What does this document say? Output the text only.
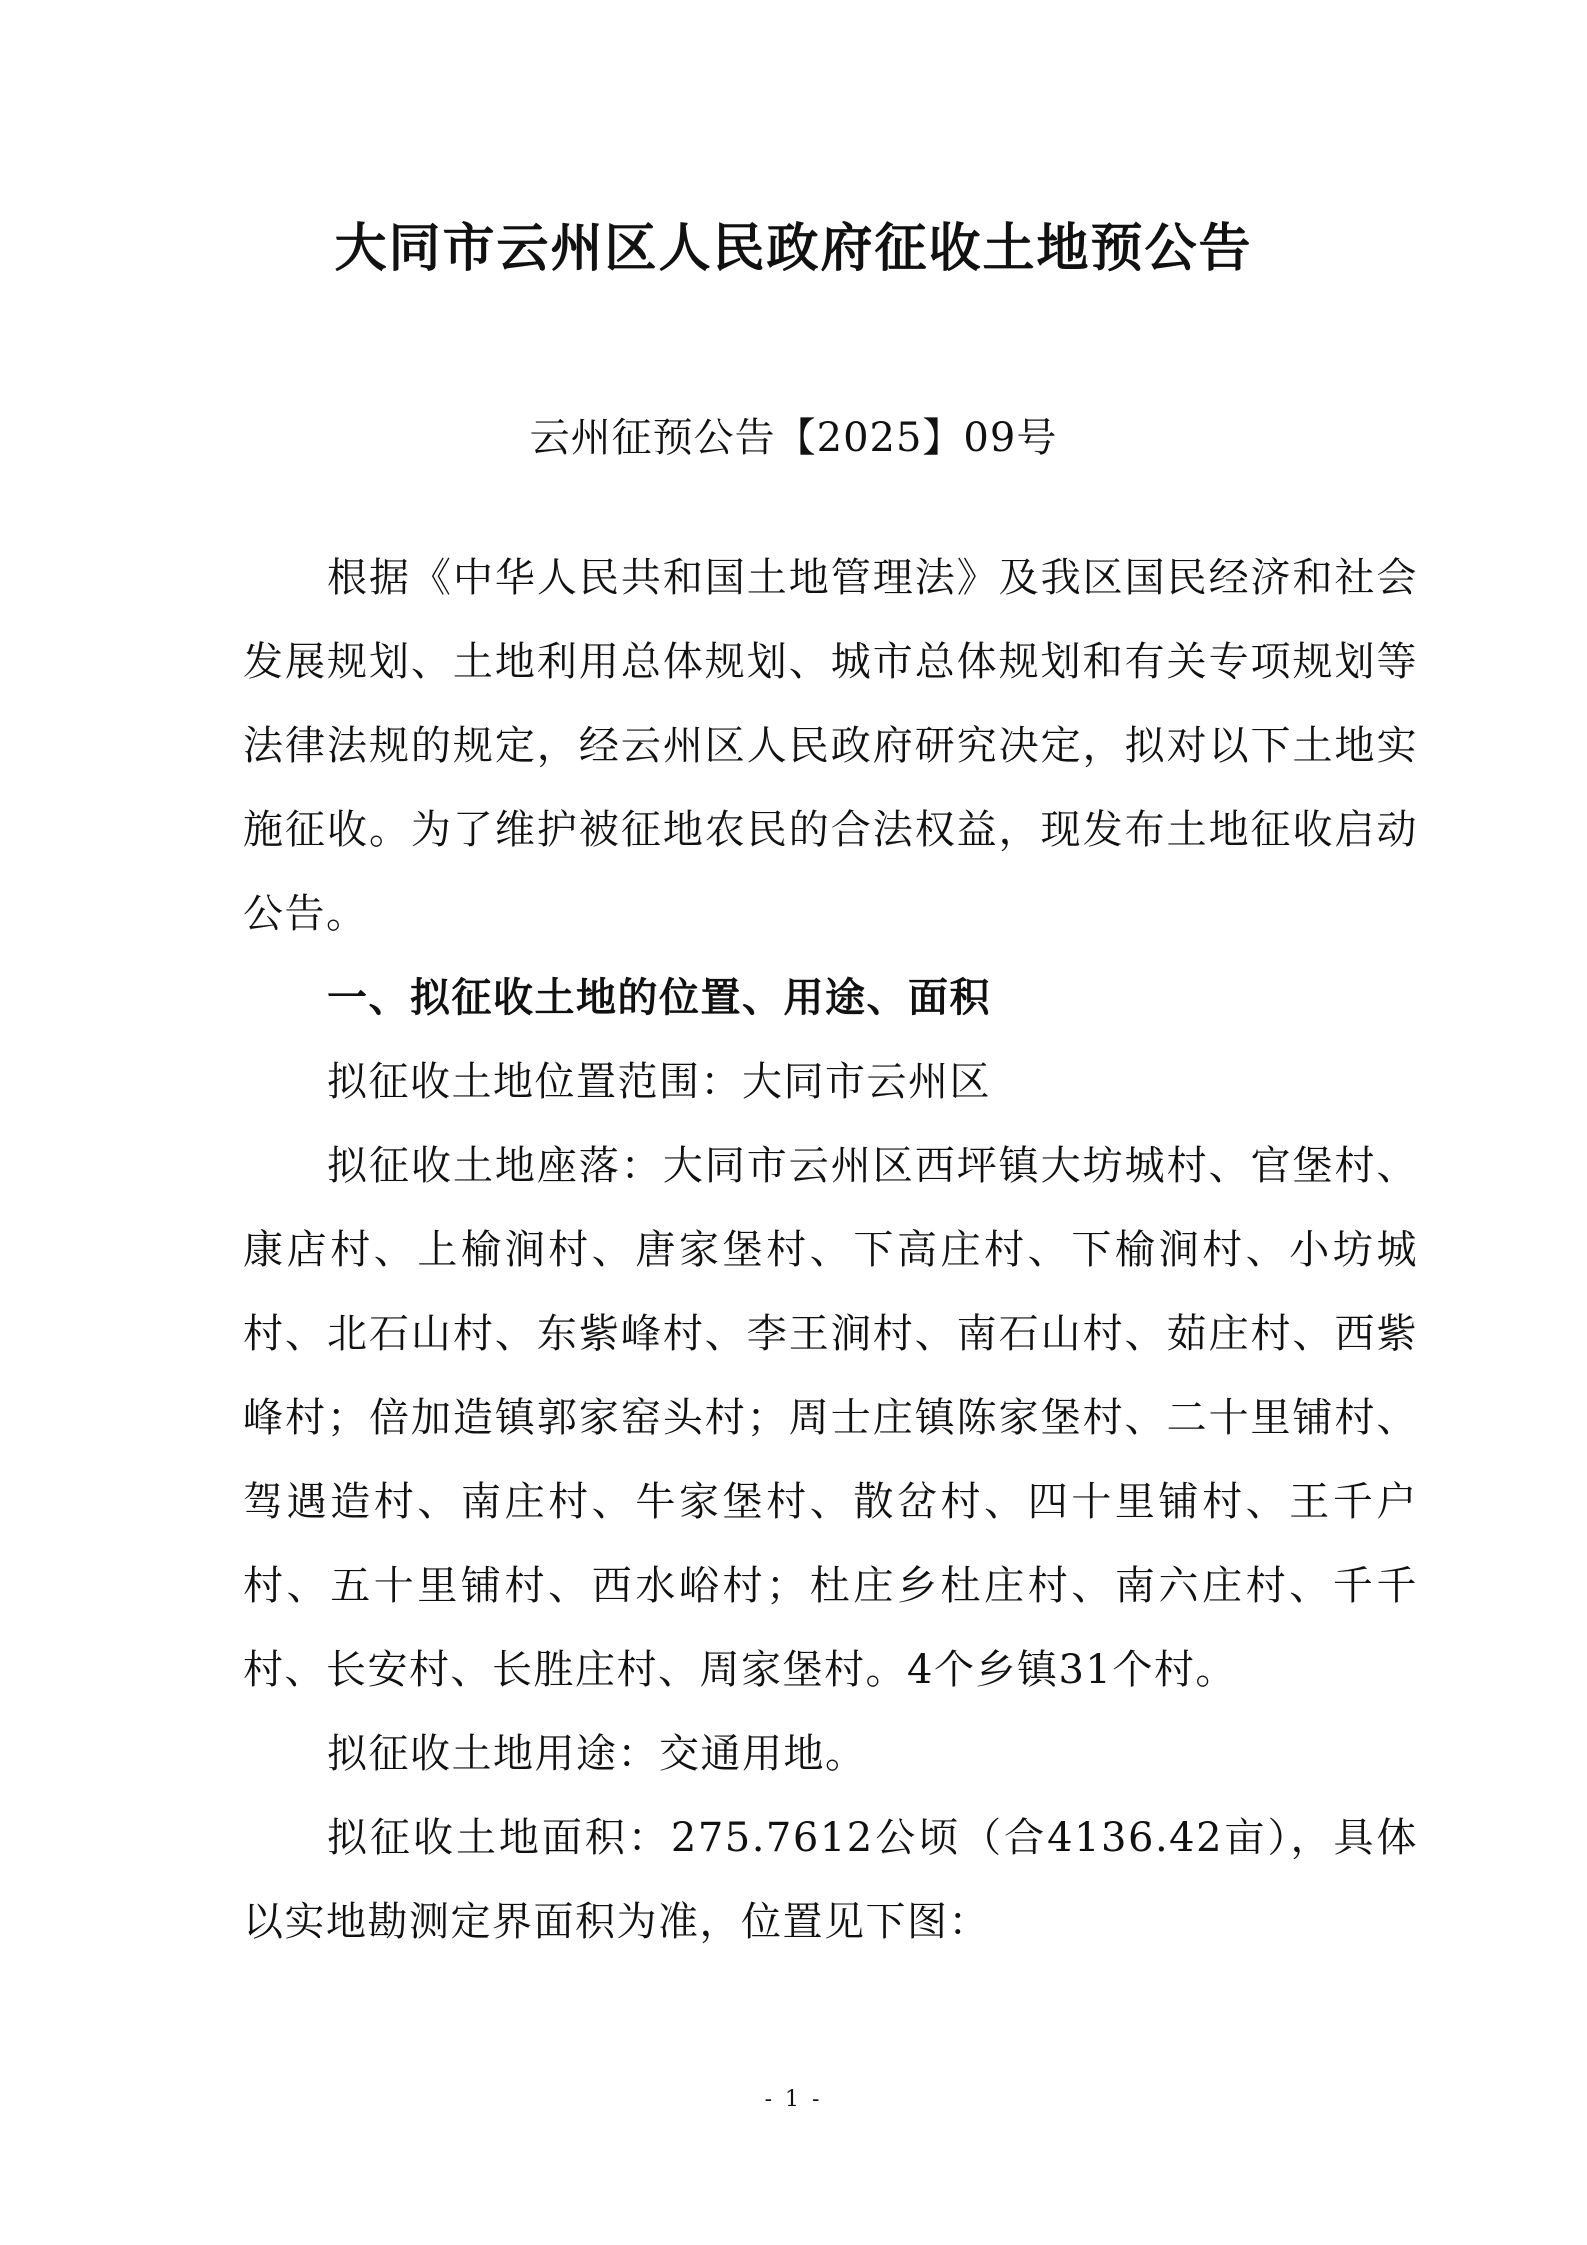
大同市云州区人民政府征收土地预公告
云州征预公告【2025】09号

根据《中华人民共和国土地管理法》及我区国民经济和社会发展规划、土地利用总体规划、城市总体规划和有关专项规划等法律法规的规定，经云州区人民政府研究决定，拟对以下土地实施征收。为了维护被征地农民的合法权益，现发布土地征收启动公告。

一、拟征收土地的位置、用途、面积

拟征收土地位置范围：大同市云州区

拟征收土地座落：大同市云州区西坪镇大坊城村、官堡村、康店村、上榆涧村、唐家堡村、下高庄村、下榆涧村、小坊城村、北石山村、东紫峰村、李王涧村、南石山村、茹庄村、西紫峰村；倍加造镇郭家窑头村；周士庄镇陈家堡村、二十里铺村、驾遇造村、南庄村、牛家堡村、散岔村、四十里铺村、王千户村、五十里铺村、西水峪村；杜庄乡杜庄村、南六庄村、千千村、长安村、长胜庄村、周家堡村。4个乡镇31个村。

拟征收土地用途：交通用地。

拟征收土地面积：275.7612公顷（合4136.42亩），具体以实地勘测定界面积为准，位置见下图：

- 1 -
